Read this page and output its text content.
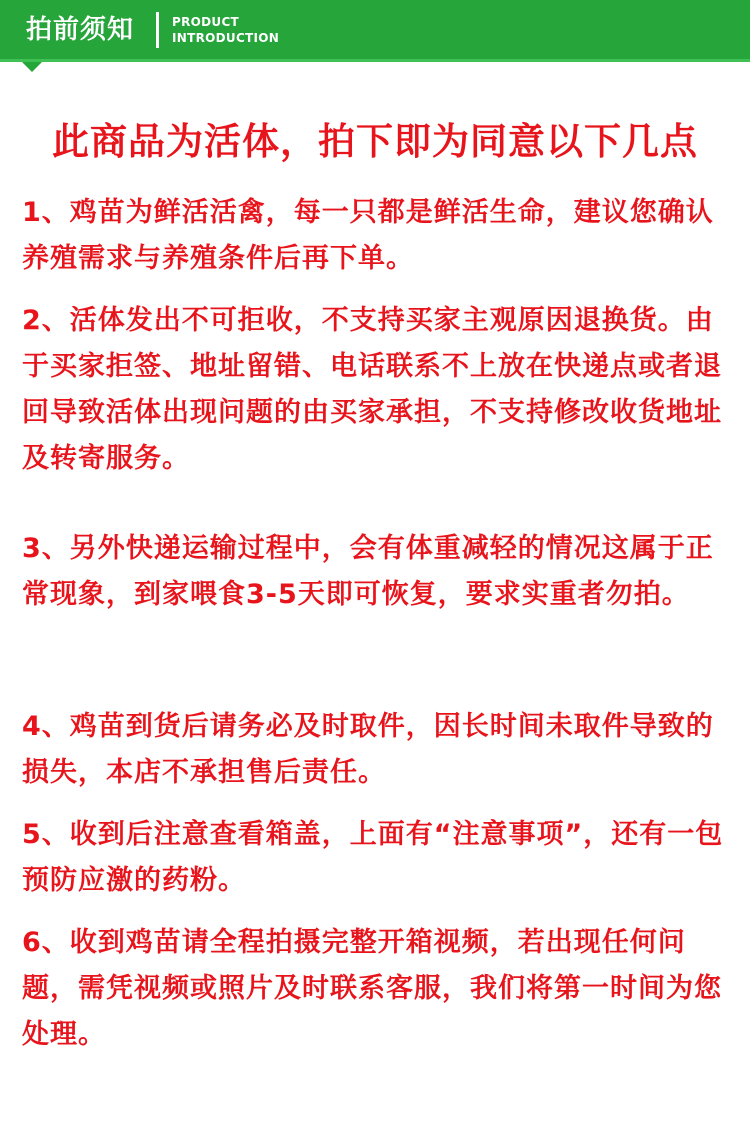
拍前须知	PRODUCT
INTRODUCTION
此商品为活体，拍下即为同意以下几点
1、鸡苗为鲜活活禽，每一只都是鲜活生命，建议您确认养殖需求与养殖条件后再下单。
2、活体发出不可拒收，不支持买家主观原因退换货。由于买家拒签、地址留错、电话联系不上放在快递点或者退回导致活体出现问题的由买家承担，不支持修改收货地址及转寄服务。
3、另外快递运输过程中，会有体重减轻的情况这属于正常现象，到家喂食3-5天即可恢复，要求实重者勿拍。
4、鸡苗到货后请务必及时取件，因长时间未取件导致的损失，本店不承担售后责任。
5、收到后注意查看箱盖，上面有“注意事项”，还有一包预防应激的药粉。
6、收到鸡苗请全程拍摄完整开箱视频，若出现任何问题，需凭视频或照片及时联系客服，我们将第一时间为您处理。
